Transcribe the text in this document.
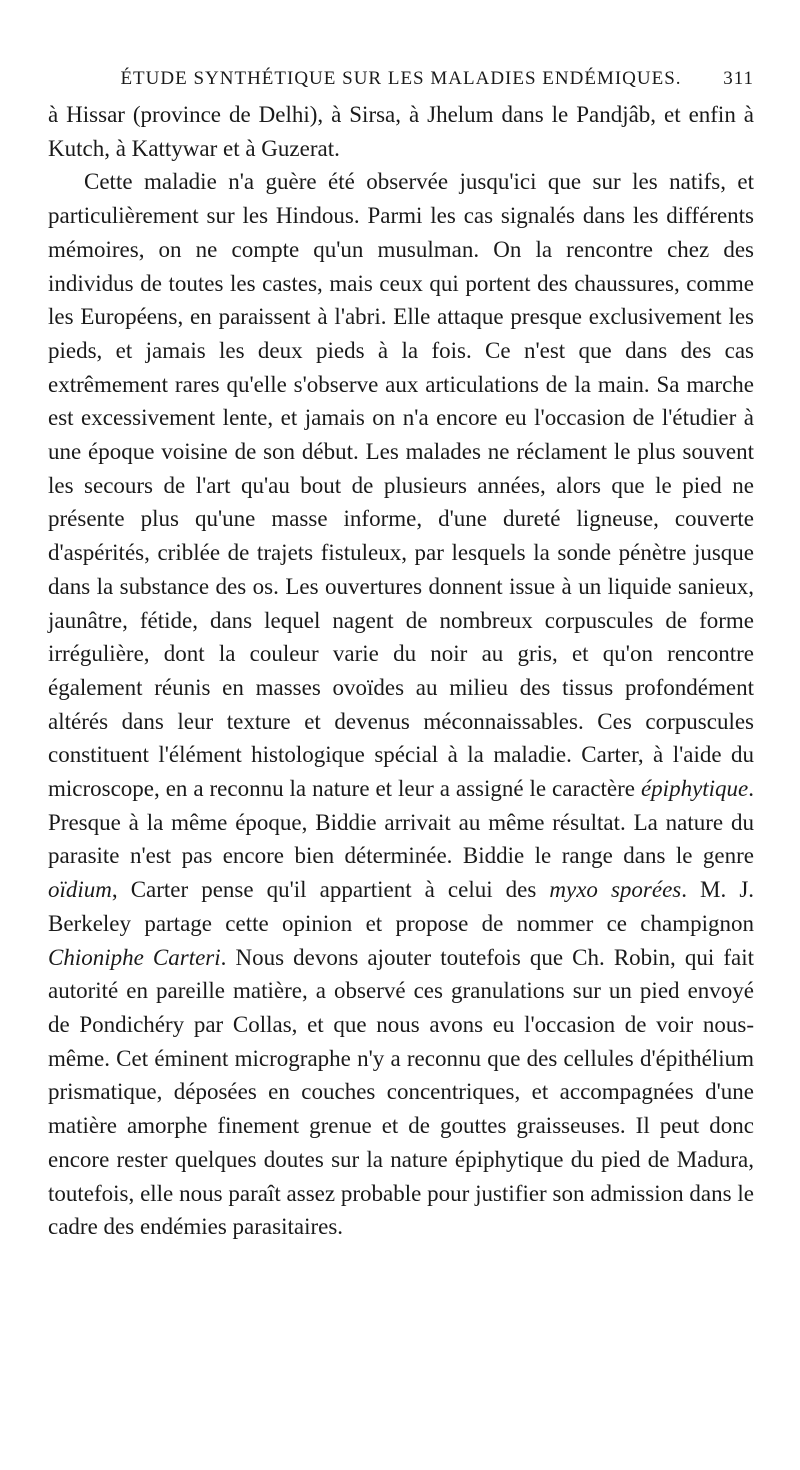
ÉTUDE SYNTHÉTIQUE SUR LES MALADIES ENDÉMIQUES. 311

à Hissar (province de Delhi), à Sirsa, à Jhelum dans le Pandjâb, et enfin à Kutch, à Kattywar et à Guzerat.

Cette maladie n'a guère été observée jusqu'ici que sur les natifs, et particulièrement sur les Hindous. Parmi les cas signalés dans les différents mémoires, on ne compte qu'un musulman. On la rencontre chez des individus de toutes les castes, mais ceux qui portent des chaussures, comme les Européens, en paraissent à l'abri. Elle attaque presque exclusivement les pieds, et jamais les deux pieds à la fois. Ce n'est que dans des cas extrêmement rares qu'elle s'observe aux articulations de la main. Sa marche est excessivement lente, et jamais on n'a encore eu l'occasion de l'étudier à une époque voisine de son début. Les malades ne réclament le plus souvent les secours de l'art qu'au bout de plusieurs années, alors que le pied ne présente plus qu'une masse informe, d'une dureté ligneuse, couverte d'aspérités, criblée de trajets fistuleux, par lesquels la sonde pénètre jusque dans la substance des os. Les ouvertures donnent issue à un liquide sanieux, jaunâtre, fétide, dans lequel nagent de nombreux corpuscules de forme irrégulière, dont la couleur varie du noir au gris, et qu'on rencontre également réunis en masses ovoïdes au milieu des tissus profondément altérés dans leur texture et devenus méconnaissables. Ces corpuscules constituent l'élément histologique spécial à la maladie. Carter, à l'aide du microscope, en a reconnu la nature et leur a assigné le caractère épiphytique. Presque à la même époque, Biddie arrivait au même résultat. La nature du parasite n'est pas encore bien déterminée. Biddie le range dans le genre oïdium, Carter pense qu'il appartient à celui des myxo sporées. M. J. Berkeley partage cette opinion et propose de nommer ce champignon Chioniphe Carteri. Nous devons ajouter toutefois que Ch. Robin, qui fait autorité en pareille matière, a observé ces granulations sur un pied envoyé de Pondichéry par Collas, et que nous avons eu l'occasion de voir nous-même. Cet éminent micrographe n'y a reconnu que des cellules d'épithélium prismatique, déposées en couches concentriques, et accompagnées d'une matière amorphe finement grenue et de gouttes graisseuses. Il peut donc encore rester quelques doutes sur la nature épiphytique du pied de Madura, toutefois, elle nous paraît assez probable pour justifier son admission dans le cadre des endémies parasitaires.
